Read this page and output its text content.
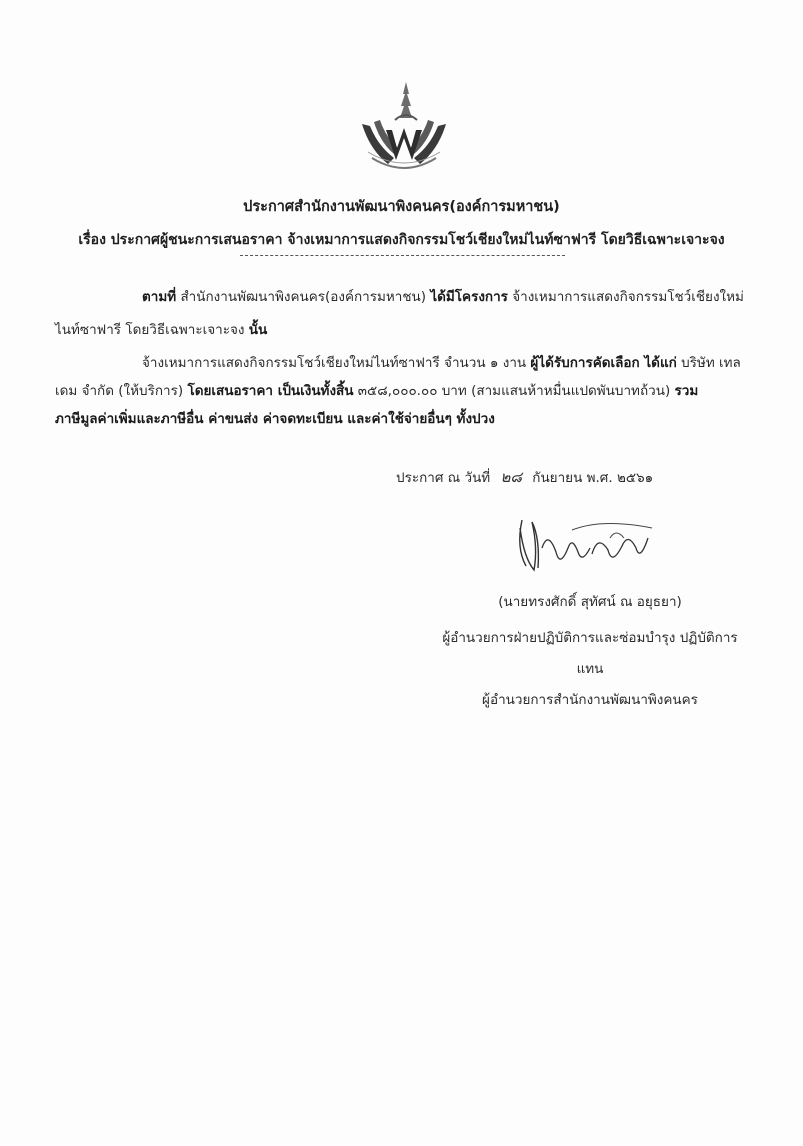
ประกาศสำนักงานพัฒนาพิงคนคร(องค์การมหาชน)
เรื่อง ประกาศผู้ชนะการเสนอราคา จ้างเหมาการแสดงกิจกรรมโชว์เชียงใหม่ไนท์ซาฟารี โดยวิธีเฉพาะเจาะจง
ตามที่ สำนักงานพัฒนาพิงคนคร(องค์การมหาชน) ได้มีโครงการ จ้างเหมาการแสดงกิจกรรมโชว์เชียงใหม่
ไนท์ซาฟารี โดยวิธีเฉพาะเจาะจง นั้น
จ้างเหมาการแสดงกิจกรรมโชว์เชียงใหม่ไนท์ซาฟารี จำนวน ๑ งาน ผู้ได้รับการคัดเลือก ได้แก่ บริษัท เทล
เดม จำกัด (ให้บริการ) โดยเสนอราคา เป็นเงินทั้งสิ้น ๓๕๘,๐๐๐.๐๐ บาท (สามแสนห้าหมื่นแปดพันบาทถ้วน) รวม
ภาษีมูลค่าเพิ่มและภาษีอื่น ค่าขนส่ง ค่าจดทะเบียน และค่าใช้จ่ายอื่นๆ ทั้งปวง
ประกาศ ณ วันที่ ๒๘ กันยายน พ.ศ. ๒๕๖๑
(นายทรงศักดิ์ สุทัศน์ ณ อยุธยา)
ผู้อำนวยการฝ่ายปฏิบัติการและซ่อมบำรุง ปฏิบัติการ
แทน
ผู้อำนวยการสำนักงานพัฒนาพิงคนคร
